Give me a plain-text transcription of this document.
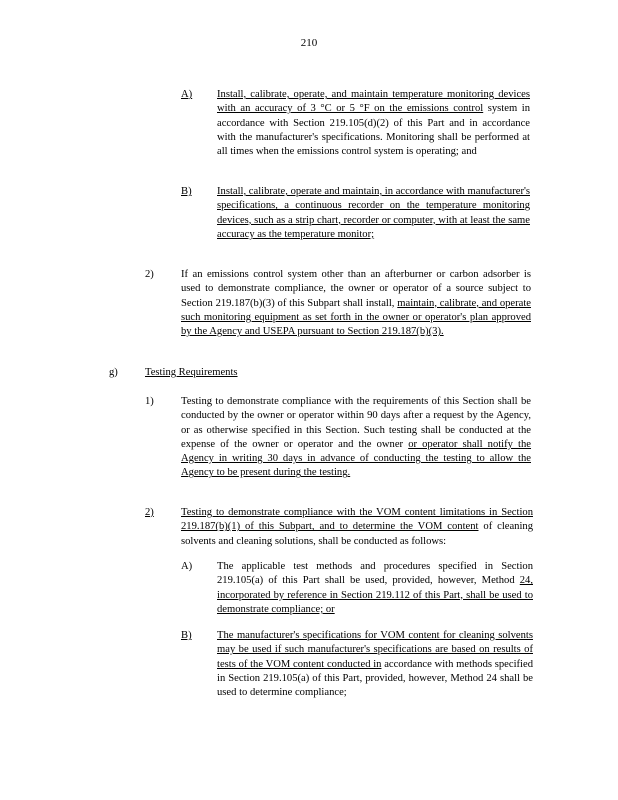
210
A) Install, calibrate, operate, and maintain temperature monitoring devices with an accuracy of 3 °C or 5 °F on the emissions control system in accordance with Section 219.105(d)(2) of this Part and in accordance with the manufacturer's specifications. Monitoring shall be performed at all times when the emissions control system is operating; and
B) Install, calibrate, operate and maintain, in accordance with manufacturer's specifications, a continuous recorder on the temperature monitoring devices, such as a strip chart, recorder or computer, with at least the same accuracy as the temperature monitor;
2)	If an emissions control system other than an afterburner or carbon adsorber is used to demonstrate compliance, the owner or operator of a source subject to Section 219.187(b)(3) of this Subpart shall install, maintain, calibrate, and operate such monitoring equipment as set forth in the owner or operator's plan approved by the Agency and USEPA pursuant to Section 219.187(b)(3).
g)	Testing Requirements
1)	Testing to demonstrate compliance with the requirements of this Section shall be conducted by the owner or operator within 90 days after a request by the Agency, or as otherwise specified in this Section. Such testing shall be conducted at the expense of the owner or operator and the owner or operator shall notify the Agency in writing 30 days in advance of conducting the testing to allow the Agency to be present during the testing.
2)	Testing to demonstrate compliance with the VOM content limitations in Section 219.187(b)(1) of this Subpart, and to determine the VOM content of cleaning solvents and cleaning solutions, shall be conducted as follows:
A) The applicable test methods and procedures specified in Section 219.105(a) of this Part shall be used, provided, however, Method 24, incorporated by reference in Section 219.112 of this Part, shall be used to demonstrate compliance; or
B) The manufacturer's specifications for VOM content for cleaning solvents may be used if such manufacturer's specifications are based on results of tests of the VOM content conducted in accordance with methods specified in Section 219.105(a) of this Part, provided, however, Method 24 shall be used to determine compliance;
